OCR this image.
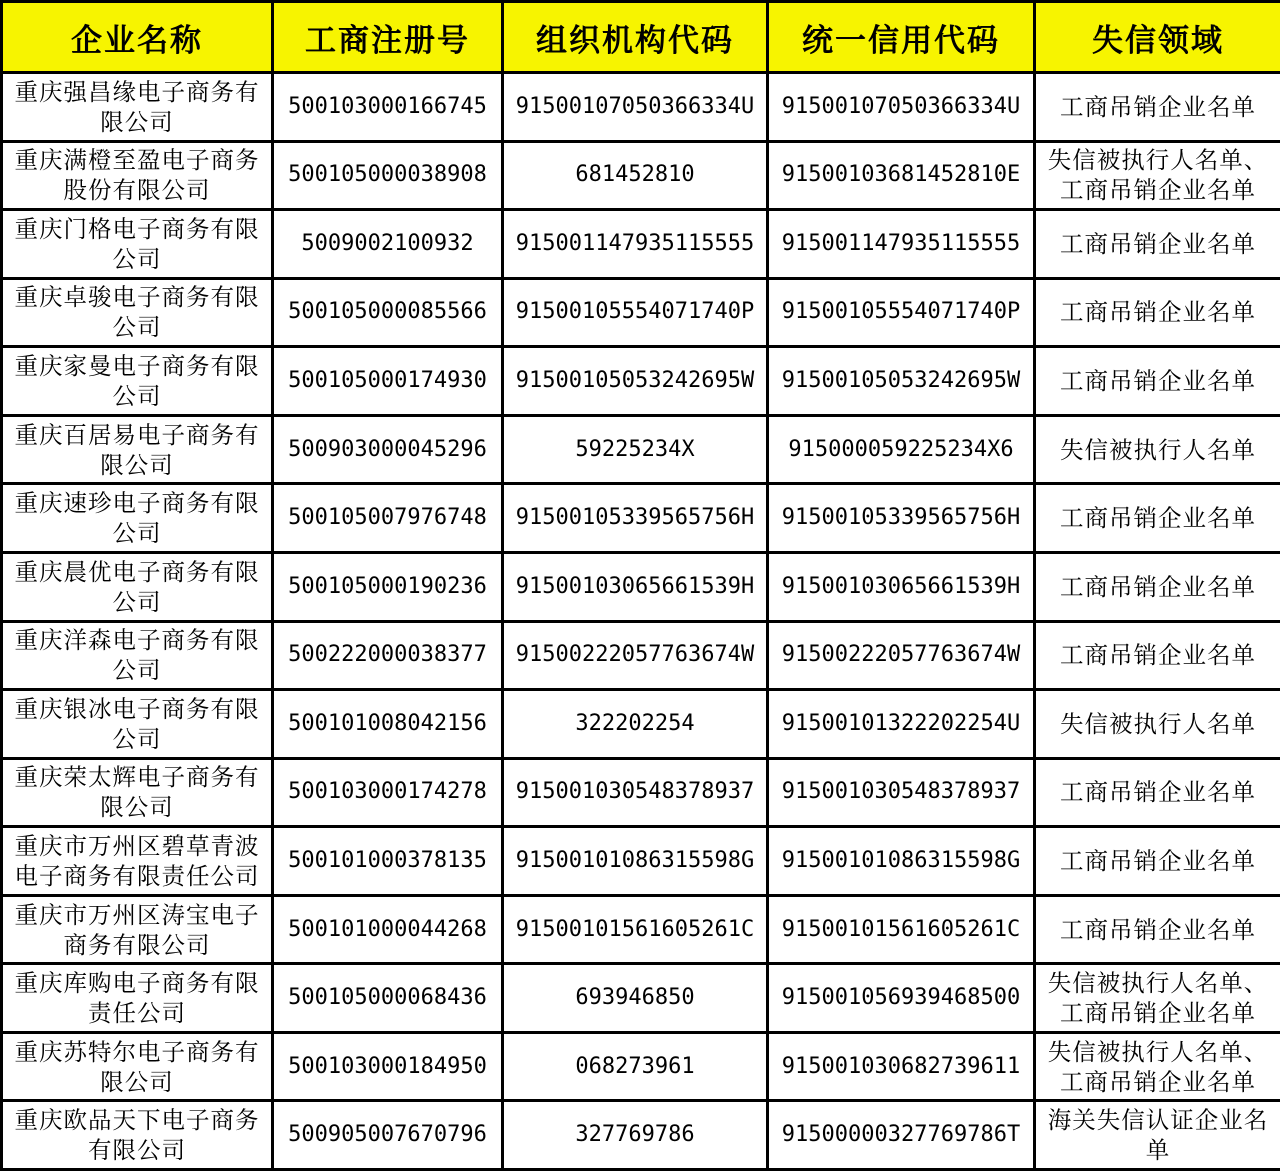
企业名称	工商注册号	组织机构代码	统一信用代码	失信领域
重庆强昌缘电子商务有限公司	500103000166745	91500107050366334U	91500107050366334U	工商吊销企业名单
重庆满橙至盈电子商务股份有限公司	500105000038908	681452810	91500103681452810E	失信被执行人名单、工商吊销企业名单
重庆门格电子商务有限公司	5009002100932	915001147935115555	915001147935115555	工商吊销企业名单
重庆卓骏电子商务有限公司	500105000085566	91500105554071740P	91500105554071740P	工商吊销企业名单
重庆家曼电子商务有限公司	500105000174930	91500105053242695W	91500105053242695W	工商吊销企业名单
重庆百居易电子商务有限公司	500903000045296	59225234X	915000059225234X6	失信被执行人名单
重庆速珍电子商务有限公司	500105007976748	91500105339565756H	91500105339565756H	工商吊销企业名单
重庆晨优电子商务有限公司	500105000190236	91500103065661539H	91500103065661539H	工商吊销企业名单
重庆洋森电子商务有限公司	500222000038377	91500222057763674W	91500222057763674W	工商吊销企业名单
重庆银冰电子商务有限公司	500101008042156	322202254	91500101322202254U	失信被执行人名单
重庆荣太辉电子商务有限公司	500103000174278	915001030548378937	915001030548378937	工商吊销企业名单
重庆市万州区碧草青波电子商务有限责任公司	500101000378135	91500101086315598G	91500101086315598G	工商吊销企业名单
重庆市万州区涛宝电子商务有限公司	500101000044268	91500101561605261C	91500101561605261C	工商吊销企业名单
重庆库购电子商务有限责任公司	500105000068436	693946850	915001056939468500	失信被执行人名单、工商吊销企业名单
重庆苏特尔电子商务有限公司	500103000184950	068273961	915001030682739611	失信被执行人名单、工商吊销企业名单
重庆欧品天下电子商务有限公司	500905007670796	327769786	91500000327769786T	海关失信认证企业名单
